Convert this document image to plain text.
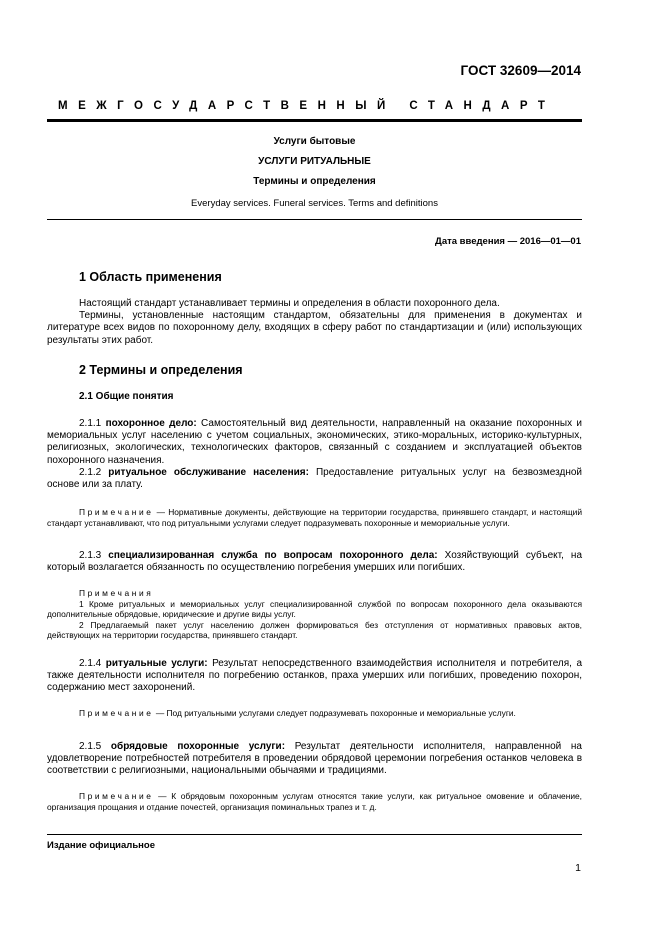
ГОСТ 32609—2014
МЕЖГОСУДАРСТВЕННЫЙ СТАНДАРТ
Услуги бытовые
УСЛУГИ РИТУАЛЬНЫЕ
Термины и определения
Everyday services. Funeral services. Terms and definitions
Дата введения — 2016—01—01
1 Область применения

Настоящий стандарт устанавливает термины и определения в области похоронного дела.

Термины, установленные настоящим стандартом, обязательны для применения в документах и литературе всех видов по похоронному делу, входящих в сферу работ по стандартизации и (или) использующих результаты этих работ.

2 Термины и определения
2.1 Общие понятия

2.1.1 похоронное дело: Самостоятельный вид деятельности, направленный на оказание похоронных и мемориальных услуг населению с учетом социальных, экономических, этико-моральных, историко-культурных, религиозных, экологических, технологических факторов, связанный с созданием и эксплуатацией объектов похоронного назначения.

2.1.2 ритуальное обслуживание населения: Предоставление ритуальных услуг на безвозмездной основе или за плату.

Примечание — Нормативные документы, действующие на территории государства, принявшего стандарт, и настоящий стандарт устанавливают, что под ритуальными услугами следует подразумевать похоронные и мемориальные услуги.

2.1.3 специализированная служба по вопросам похоронного дела: Хозяйствующий субъект, на который возлагается обязанность по осуществлению погребения умерших или погибших.

Примечания

1 Кроме ритуальных и мемориальных услуг специализированной службой по вопросам похоронного дела оказываются дополнительные обрядовые, юридические и другие виды услуг.

2 Предлагаемый пакет услуг населению должен формироваться без отступления от нормативных правовых актов, действующих на территории государства, принявшего стандарт.

2.1.4 ритуальные услуги: Результат непосредственного взаимодействия исполнителя и потребителя, а также деятельности исполнителя по погребению останков, праха умерших или погибших, проведению похорон, содержанию мест захоронений.

Примечание — Под ритуальными услугами следует подразумевать похоронные и мемориальные услуги.

2.1.5 обрядовые похоронные услуги: Результат деятельности исполнителя, направленной на удовлетворение потребностей потребителя в проведении обрядовой церемонии погребения останков человека в соответствии с религиозными, национальными обычаями и традициями.

Примечание — К обрядовым похоронным услугам относятся такие услуги, как ритуальное омовение и облачение, организация прощания и отдание почестей, организация поминальных трапез и т. д.

Издание официальное
1
